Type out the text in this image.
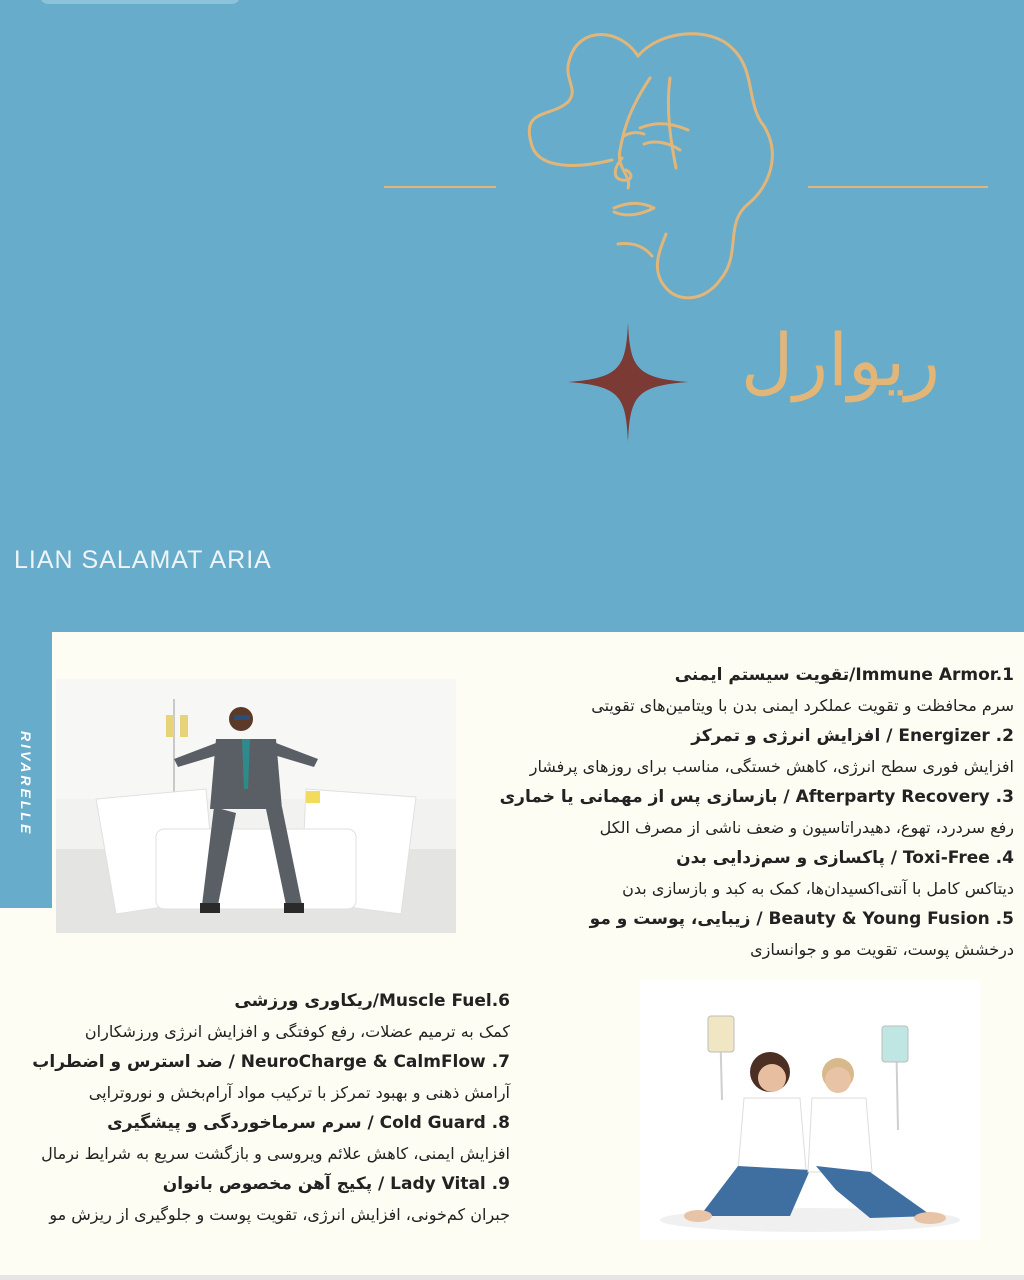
ریوارل
LIAN SALAMAT ARIA
RIVARELLE
Immune Armor.1/تقویت سیستم ایمنی
سرم محافظت و تقویت عملکرد ایمنی بدن با ویتامین‌های تقویتی
2. Energizer / افزایش انرژی و تمرکز
افزایش فوری سطح انرژی، کاهش خستگی، مناسب برای روزهای پرفشار
3. Afterparty Recovery / بازسازی پس از مهمانی یا خماری
رفع سردرد، تهوع، دهیدراتاسیون و ضعف ناشی از مصرف الکل
4. Toxi-Free / پاکسازی و سم‌زدایی بدن
دیتاکس کامل با آنتی‌اکسیدان‌ها، کمک به کبد و بازسازی بدن
5. Beauty & Young Fusion / زیبایی، پوست و مو
درخشش پوست، تقویت مو و جوانسازی
Muscle Fuel.6/ریکاوری ورزشی
کمک به ترمیم عضلات، رفع کوفتگی و افزایش انرژی ورزشکاران
7. NeuroCharge & CalmFlow / ضد استرس و اضطراب
آرامش ذهنی و بهبود تمرکز با ترکیب مواد آرام‌بخش و نوروتراپی
8. Cold Guard / سرم سرماخوردگی و پیشگیری
افزایش ایمنی، کاهش علائم ویروسی و بازگشت سریع به شرایط نرمال
9. Lady Vital / پکیج آهن مخصوص بانوان
جبران کم‌خونی، افزایش انرژی، تقویت پوست و جلوگیری از ریزش مو
